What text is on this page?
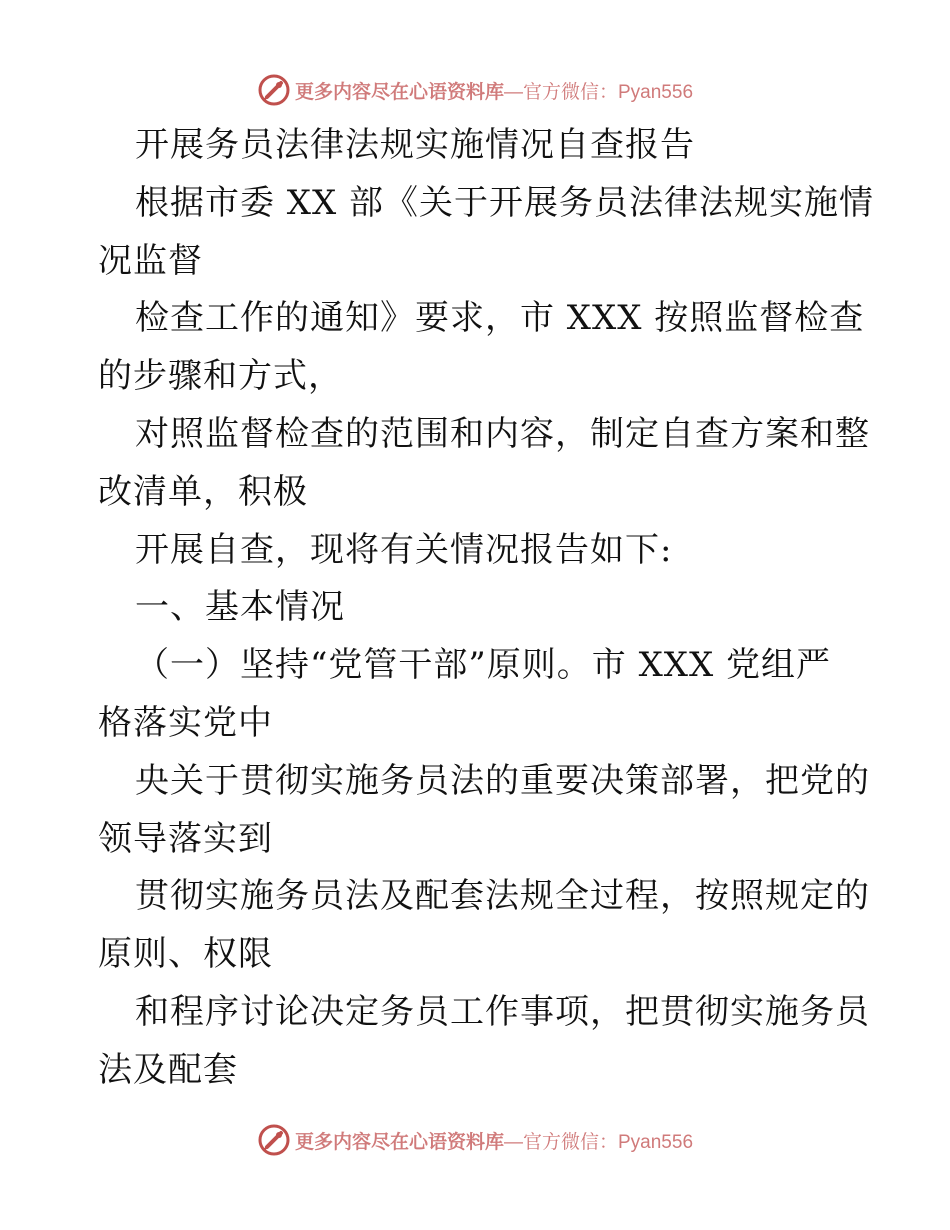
更多内容尽在心语资料库 —官方微信：Pyan556
开展务员法律法规实施情况自查报告
根据市委 XX 部《关于开展务员法律法规实施情
况监督
检查工作的通知》要求，市 XXX 按照监督检查
的步骤和方式，
对照监督检查的范围和内容，制定自查方案和整
改清单，积极
开展自查，现将有关情况报告如下:
一、基本情况
（一）坚持“党管干部”原则。市 XXX 党组严
格落实党中
央关于贯彻实施务员法的重要决策部署，把党的
领导落实到
贯彻实施务员法及配套法规全过程，按照规定的
原则、权限
和程序讨论决定务员工作事项，把贯彻实施务员
法及配套
更多内容尽在心语资料库 —官方微信：Pyan556
